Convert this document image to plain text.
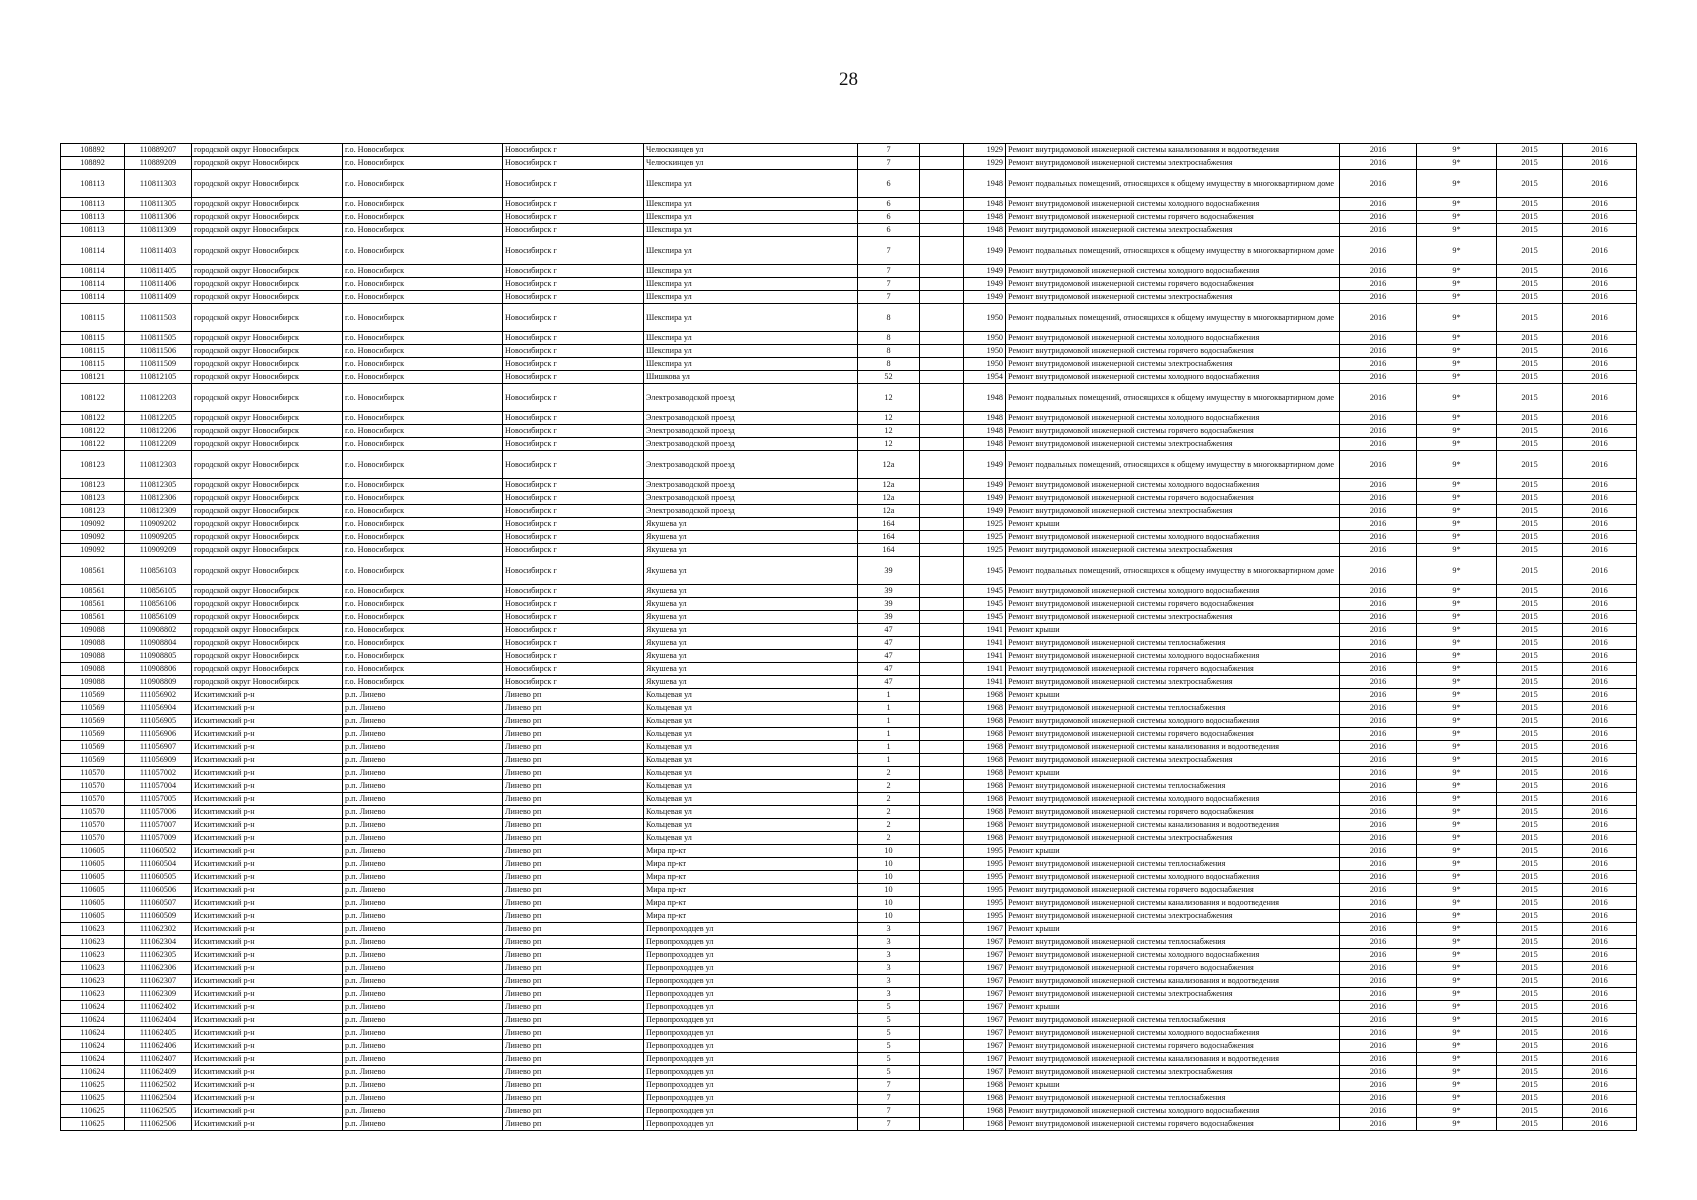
28
108892	110889207	городской округ Новосибирск	г.о. Новосибирск	Новосибирск г	Челюскинцев ул	7		1929	Ремонт внутридомовой инженерной системы канализования и водоотведения	2016	9*	2015	2016
108892	110889209	городской округ Новосибирск	г.о. Новосибирск	Новосибирск г	Челюскинцев ул	7		1929	Ремонт внутридомовой инженерной системы электроснабжения	2016	9*	2015	2016
108113	110811303	городской округ Новосибирск	г.о. Новосибирск	Новосибирск г	Шекспира ул	6		1948	Ремонт подвальных помещений, относящихся к общему имуществу в многоквартирном доме	2016	9*	2015	2016
108113	110811305	городской округ Новосибирск	г.о. Новосибирск	Новосибирск г	Шекспира ул	6		1948	Ремонт внутридомовой инженерной системы холодного водоснабжения	2016	9*	2015	2016
108113	110811306	городской округ Новосибирск	г.о. Новосибирск	Новосибирск г	Шекспира ул	6		1948	Ремонт внутридомовой инженерной системы горячего водоснабжения	2016	9*	2015	2016
108113	110811309	городской округ Новосибирск	г.о. Новосибирск	Новосибирск г	Шекспира ул	6		1948	Ремонт внутридомовой инженерной системы электроснабжения	2016	9*	2015	2016
108114	110811403	городской округ Новосибирск	г.о. Новосибирск	Новосибирск г	Шекспира ул	7		1949	Ремонт подвальных помещений, относящихся к общему имуществу в многоквартирном доме	2016	9*	2015	2016
108114	110811405	городской округ Новосибирск	г.о. Новосибирск	Новосибирск г	Шекспира ул	7		1949	Ремонт внутридомовой инженерной системы холодного водоснабжения	2016	9*	2015	2016
108114	110811406	городской округ Новосибирск	г.о. Новосибирск	Новосибирск г	Шекспира ул	7		1949	Ремонт внутридомовой инженерной системы горячего водоснабжения	2016	9*	2015	2016
108114	110811409	городской округ Новосибирск	г.о. Новосибирск	Новосибирск г	Шекспира ул	7		1949	Ремонт внутридомовой инженерной системы электроснабжения	2016	9*	2015	2016
108115	110811503	городской округ Новосибирск	г.о. Новосибирск	Новосибирск г	Шекспира ул	8		1950	Ремонт подвальных помещений, относящихся к общему имуществу в многоквартирном доме	2016	9*	2015	2016
108115	110811505	городской округ Новосибирск	г.о. Новосибирск	Новосибирск г	Шекспира ул	8		1950	Ремонт внутридомовой инженерной системы холодного водоснабжения	2016	9*	2015	2016
108115	110811506	городской округ Новосибирск	г.о. Новосибирск	Новосибирск г	Шекспира ул	8		1950	Ремонт внутридомовой инженерной системы горячего водоснабжения	2016	9*	2015	2016
108115	110811509	городской округ Новосибирск	г.о. Новосибирск	Новосибирск г	Шекспира ул	8		1950	Ремонт внутридомовой инженерной системы электроснабжения	2016	9*	2015	2016
108121	110812105	городской округ Новосибирск	г.о. Новосибирск	Новосибирск г	Шишкова ул	52		1954	Ремонт внутридомовой инженерной системы холодного водоснабжения	2016	9*	2015	2016
108122	110812203	городской округ Новосибирск	г.о. Новосибирск	Новосибирск г	Электрозаводской проезд	12		1948	Ремонт подвальных помещений, относящихся к общему имуществу в многоквартирном доме	2016	9*	2015	2016
108122	110812205	городской округ Новосибирск	г.о. Новосибирск	Новосибирск г	Электрозаводской проезд	12		1948	Ремонт внутридомовой инженерной системы холодного водоснабжения	2016	9*	2015	2016
108122	110812206	городской округ Новосибирск	г.о. Новосибирск	Новосибирск г	Электрозаводской проезд	12		1948	Ремонт внутридомовой инженерной системы горячего водоснабжения	2016	9*	2015	2016
108122	110812209	городской округ Новосибирск	г.о. Новосибирск	Новосибирск г	Электрозаводской проезд	12		1948	Ремонт внутридомовой инженерной системы электроснабжения	2016	9*	2015	2016
108123	110812303	городской округ Новосибирск	г.о. Новосибирск	Новосибирск г	Электрозаводской проезд	12а		1949	Ремонт подвальных помещений, относящихся к общему имуществу в многоквартирном доме	2016	9*	2015	2016
108123	110812305	городской округ Новосибирск	г.о. Новосибирск	Новосибирск г	Электрозаводской проезд	12а		1949	Ремонт внутридомовой инженерной системы холодного водоснабжения	2016	9*	2015	2016
108123	110812306	городской округ Новосибирск	г.о. Новосибирск	Новосибирск г	Электрозаводской проезд	12а		1949	Ремонт внутридомовой инженерной системы горячего водоснабжения	2016	9*	2015	2016
108123	110812309	городской округ Новосибирск	г.о. Новосибирск	Новосибирск г	Электрозаводской проезд	12а		1949	Ремонт внутридомовой инженерной системы электроснабжения	2016	9*	2015	2016
109092	110909202	городской округ Новосибирск	г.о. Новосибирск	Новосибирск г	Якушева ул	164		1925	Ремонт крыши	2016	9*	2015	2016
109092	110909205	городской округ Новосибирск	г.о. Новосибирск	Новосибирск г	Якушева ул	164		1925	Ремонт внутридомовой инженерной системы холодного водоснабжения	2016	9*	2015	2016
109092	110909209	городской округ Новосибирск	г.о. Новосибирск	Новосибирск г	Якушева ул	164		1925	Ремонт внутридомовой инженерной системы электроснабжения	2016	9*	2015	2016
108561	110856103	городской округ Новосибирск	г.о. Новосибирск	Новосибирск г	Якушева ул	39		1945	Ремонт подвальных помещений, относящихся к общему имуществу в многоквартирном доме	2016	9*	2015	2016
108561	110856105	городской округ Новосибирск	г.о. Новосибирск	Новосибирск г	Якушева ул	39		1945	Ремонт внутридомовой инженерной системы холодного водоснабжения	2016	9*	2015	2016
108561	110856106	городской округ Новосибирск	г.о. Новосибирск	Новосибирск г	Якушева ул	39		1945	Ремонт внутридомовой инженерной системы горячего водоснабжения	2016	9*	2015	2016
108561	110856109	городской округ Новосибирск	г.о. Новосибирск	Новосибирск г	Якушева ул	39		1945	Ремонт внутридомовой инженерной системы электроснабжения	2016	9*	2015	2016
109088	110908802	городской округ Новосибирск	г.о. Новосибирск	Новосибирск г	Якушева ул	47		1941	Ремонт крыши	2016	9*	2015	2016
109088	110908804	городской округ Новосибирск	г.о. Новосибирск	Новосибирск г	Якушева ул	47		1941	Ремонт внутридомовой инженерной системы теплоснабжения	2016	9*	2015	2016
109088	110908805	городской округ Новосибирск	г.о. Новосибирск	Новосибирск г	Якушева ул	47		1941	Ремонт внутридомовой инженерной системы холодного водоснабжения	2016	9*	2015	2016
109088	110908806	городской округ Новосибирск	г.о. Новосибирск	Новосибирск г	Якушева ул	47		1941	Ремонт внутридомовой инженерной системы горячего водоснабжения	2016	9*	2015	2016
109088	110908809	городской округ Новосибирск	г.о. Новосибирск	Новосибирск г	Якушева ул	47		1941	Ремонт внутридомовой инженерной системы электроснабжения	2016	9*	2015	2016
110569	111056902	Искитимский р-н	р.п. Линево	Линево рп	Кольцевая ул	1		1968	Ремонт крыши	2016	9*	2015	2016
110569	111056904	Искитимский р-н	р.п. Линево	Линево рп	Кольцевая ул	1		1968	Ремонт внутридомовой инженерной системы теплоснабжения	2016	9*	2015	2016
110569	111056905	Искитимский р-н	р.п. Линево	Линево рп	Кольцевая ул	1		1968	Ремонт внутридомовой инженерной системы холодного водоснабжения	2016	9*	2015	2016
110569	111056906	Искитимский р-н	р.п. Линево	Линево рп	Кольцевая ул	1		1968	Ремонт внутридомовой инженерной системы горячего водоснабжения	2016	9*	2015	2016
110569	111056907	Искитимский р-н	р.п. Линево	Линево рп	Кольцевая ул	1		1968	Ремонт внутридомовой инженерной системы канализования и водоотведения	2016	9*	2015	2016
110569	111056909	Искитимский р-н	р.п. Линево	Линево рп	Кольцевая ул	1		1968	Ремонт внутридомовой инженерной системы электроснабжения	2016	9*	2015	2016
110570	111057002	Искитимский р-н	р.п. Линево	Линево рп	Кольцевая ул	2		1968	Ремонт крыши	2016	9*	2015	2016
110570	111057004	Искитимский р-н	р.п. Линево	Линево рп	Кольцевая ул	2		1968	Ремонт внутридомовой инженерной системы теплоснабжения	2016	9*	2015	2016
110570	111057005	Искитимский р-н	р.п. Линево	Линево рп	Кольцевая ул	2		1968	Ремонт внутридомовой инженерной системы холодного водоснабжения	2016	9*	2015	2016
110570	111057006	Искитимский р-н	р.п. Линево	Линево рп	Кольцевая ул	2		1968	Ремонт внутридомовой инженерной системы горячего водоснабжения	2016	9*	2015	2016
110570	111057007	Искитимский р-н	р.п. Линево	Линево рп	Кольцевая ул	2		1968	Ремонт внутридомовой инженерной системы канализования и водоотведения	2016	9*	2015	2016
110570	111057009	Искитимский р-н	р.п. Линево	Линево рп	Кольцевая ул	2		1968	Ремонт внутридомовой инженерной системы электроснабжения	2016	9*	2015	2016
110605	111060502	Искитимский р-н	р.п. Линево	Линево рп	Мира пр-кт	10		1995	Ремонт крыши	2016	9*	2015	2016
110605	111060504	Искитимский р-н	р.п. Линево	Линево рп	Мира пр-кт	10		1995	Ремонт внутридомовой инженерной системы теплоснабжения	2016	9*	2015	2016
110605	111060505	Искитимский р-н	р.п. Линево	Линево рп	Мира пр-кт	10		1995	Ремонт внутридомовой инженерной системы холодного водоснабжения	2016	9*	2015	2016
110605	111060506	Искитимский р-н	р.п. Линево	Линево рп	Мира пр-кт	10		1995	Ремонт внутридомовой инженерной системы горячего водоснабжения	2016	9*	2015	2016
110605	111060507	Искитимский р-н	р.п. Линево	Линево рп	Мира пр-кт	10		1995	Ремонт внутридомовой инженерной системы канализования и водоотведения	2016	9*	2015	2016
110605	111060509	Искитимский р-н	р.п. Линево	Линево рп	Мира пр-кт	10		1995	Ремонт внутридомовой инженерной системы электроснабжения	2016	9*	2015	2016
110623	111062302	Искитимский р-н	р.п. Линево	Линево рп	Первопроходцев ул	3		1967	Ремонт крыши	2016	9*	2015	2016
110623	111062304	Искитимский р-н	р.п. Линево	Линево рп	Первопроходцев ул	3		1967	Ремонт внутридомовой инженерной системы теплоснабжения	2016	9*	2015	2016
110623	111062305	Искитимский р-н	р.п. Линево	Линево рп	Первопроходцев ул	3		1967	Ремонт внутридомовой инженерной системы холодного водоснабжения	2016	9*	2015	2016
110623	111062306	Искитимский р-н	р.п. Линево	Линево рп	Первопроходцев ул	3		1967	Ремонт внутридомовой инженерной системы горячего водоснабжения	2016	9*	2015	2016
110623	111062307	Искитимский р-н	р.п. Линево	Линево рп	Первопроходцев ул	3		1967	Ремонт внутридомовой инженерной системы канализования и водоотведения	2016	9*	2015	2016
110623	111062309	Искитимский р-н	р.п. Линево	Линево рп	Первопроходцев ул	3		1967	Ремонт внутридомовой инженерной системы электроснабжения	2016	9*	2015	2016
110624	111062402	Искитимский р-н	р.п. Линево	Линево рп	Первопроходцев ул	5		1967	Ремонт крыши	2016	9*	2015	2016
110624	111062404	Искитимский р-н	р.п. Линево	Линево рп	Первопроходцев ул	5		1967	Ремонт внутридомовой инженерной системы теплоснабжения	2016	9*	2015	2016
110624	111062405	Искитимский р-н	р.п. Линево	Линево рп	Первопроходцев ул	5		1967	Ремонт внутридомовой инженерной системы холодного водоснабжения	2016	9*	2015	2016
110624	111062406	Искитимский р-н	р.п. Линево	Линево рп	Первопроходцев ул	5		1967	Ремонт внутридомовой инженерной системы горячего водоснабжения	2016	9*	2015	2016
110624	111062407	Искитимский р-н	р.п. Линево	Линево рп	Первопроходцев ул	5		1967	Ремонт внутридомовой инженерной системы канализования и водоотведения	2016	9*	2015	2016
110624	111062409	Искитимский р-н	р.п. Линево	Линево рп	Первопроходцев ул	5		1967	Ремонт внутридомовой инженерной системы электроснабжения	2016	9*	2015	2016
110625	111062502	Искитимский р-н	р.п. Линево	Линево рп	Первопроходцев ул	7		1968	Ремонт крыши	2016	9*	2015	2016
110625	111062504	Искитимский р-н	р.п. Линево	Линево рп	Первопроходцев ул	7		1968	Ремонт внутридомовой инженерной системы теплоснабжения	2016	9*	2015	2016
110625	111062505	Искитимский р-н	р.п. Линево	Линево рп	Первопроходцев ул	7		1968	Ремонт внутридомовой инженерной системы холодного водоснабжения	2016	9*	2015	2016
110625	111062506	Искитимский р-н	р.п. Линево	Линево рп	Первопроходцев ул	7		1968	Ремонт внутридомовой инженерной системы горячего водоснабжения	2016	9*	2015	2016
